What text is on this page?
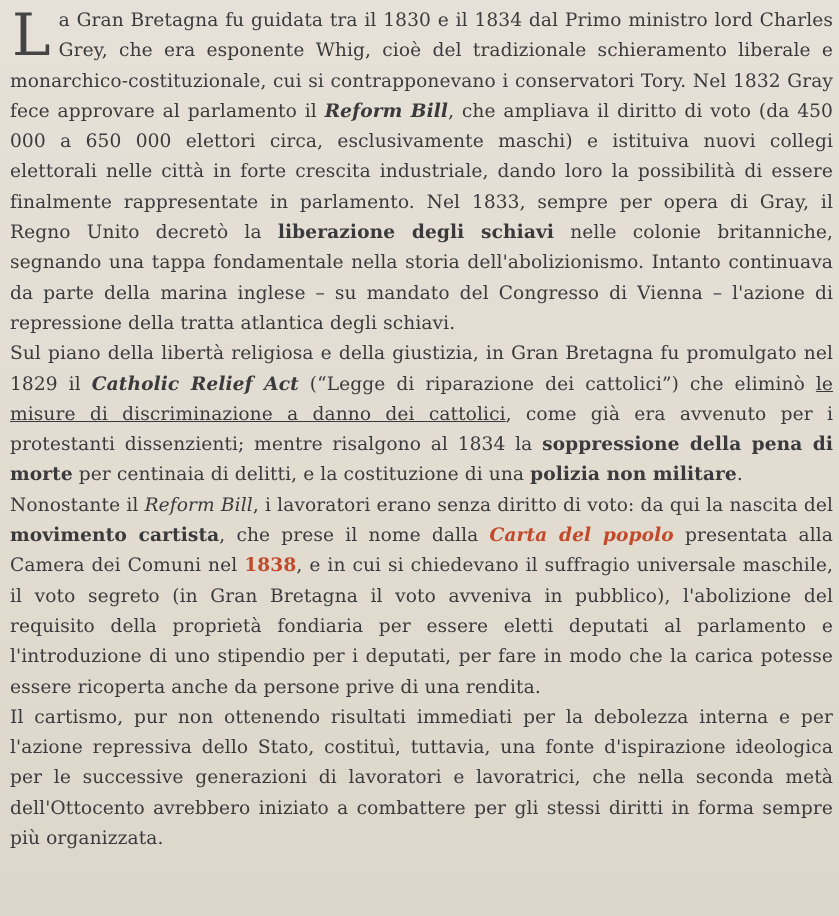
La Gran Bretagna fu guidata tra il 1830 e il 1834 dal Primo ministro lord Charles Grey, che era esponente Whig, cioè del tradizionale schieramento liberale e monarchico-costituzionale, cui si contrapponevano i conservatori Tory. Nel 1832 Gray fece approvare al parlamento il Reform Bill, che ampliava il diritto di voto (da 450 000 a 650 000 elettori circa, esclusivamente maschi) e istituiva nuovi collegi elettorali nelle città in forte crescita industriale, dando loro la possibilità di essere finalmente rappresentate in parlamento. Nel 1833, sempre per opera di Gray, il Regno Unito decretò la liberazione degli schiavi nelle colonie britanniche, segnando una tappa fondamentale nella storia dell'abolizionismo. Intanto continuava da parte della marina inglese – su mandato del Congresso di Vienna – l'azione di repressione della tratta atlantica degli schiavi.

Sul piano della libertà religiosa e della giustizia, in Gran Bretagna fu promulgato nel 1829 il Catholic Relief Act (“Legge di riparazione dei cattolici”) che eliminò le misure di discriminazione a danno dei cattolici, come già era avvenuto per i protestanti dissenzienti; mentre risalgono al 1834 la soppressione della pena di morte per centinaia di delitti, e la costituzione di una polizia non militare.

Nonostante il Reform Bill, i lavoratori erano senza diritto di voto: da qui la nascita del movimento cartista, che prese il nome dalla Carta del popolo presentata alla Camera dei Comuni nel 1838, e in cui si chiedevano il suffragio universale maschile, il voto segreto (in Gran Bretagna il voto avveniva in pubblico), l'abolizione del requisito della proprietà fondiaria per essere eletti deputati al parlamento e l'introduzione di uno stipendio per i deputati, per fare in modo che la carica potesse essere ricoperta anche da persone prive di una rendita.

Il cartismo, pur non ottenendo risultati immediati per la debolezza interna e per l'azione repressiva dello Stato, costituì, tuttavia, una fonte d'ispirazione ideologica per le successive generazioni di lavoratori e lavoratrici, che nella seconda metà dell'Ottocento avrebbero iniziato a combattere per gli stessi diritti in forma sempre più organizzata.
